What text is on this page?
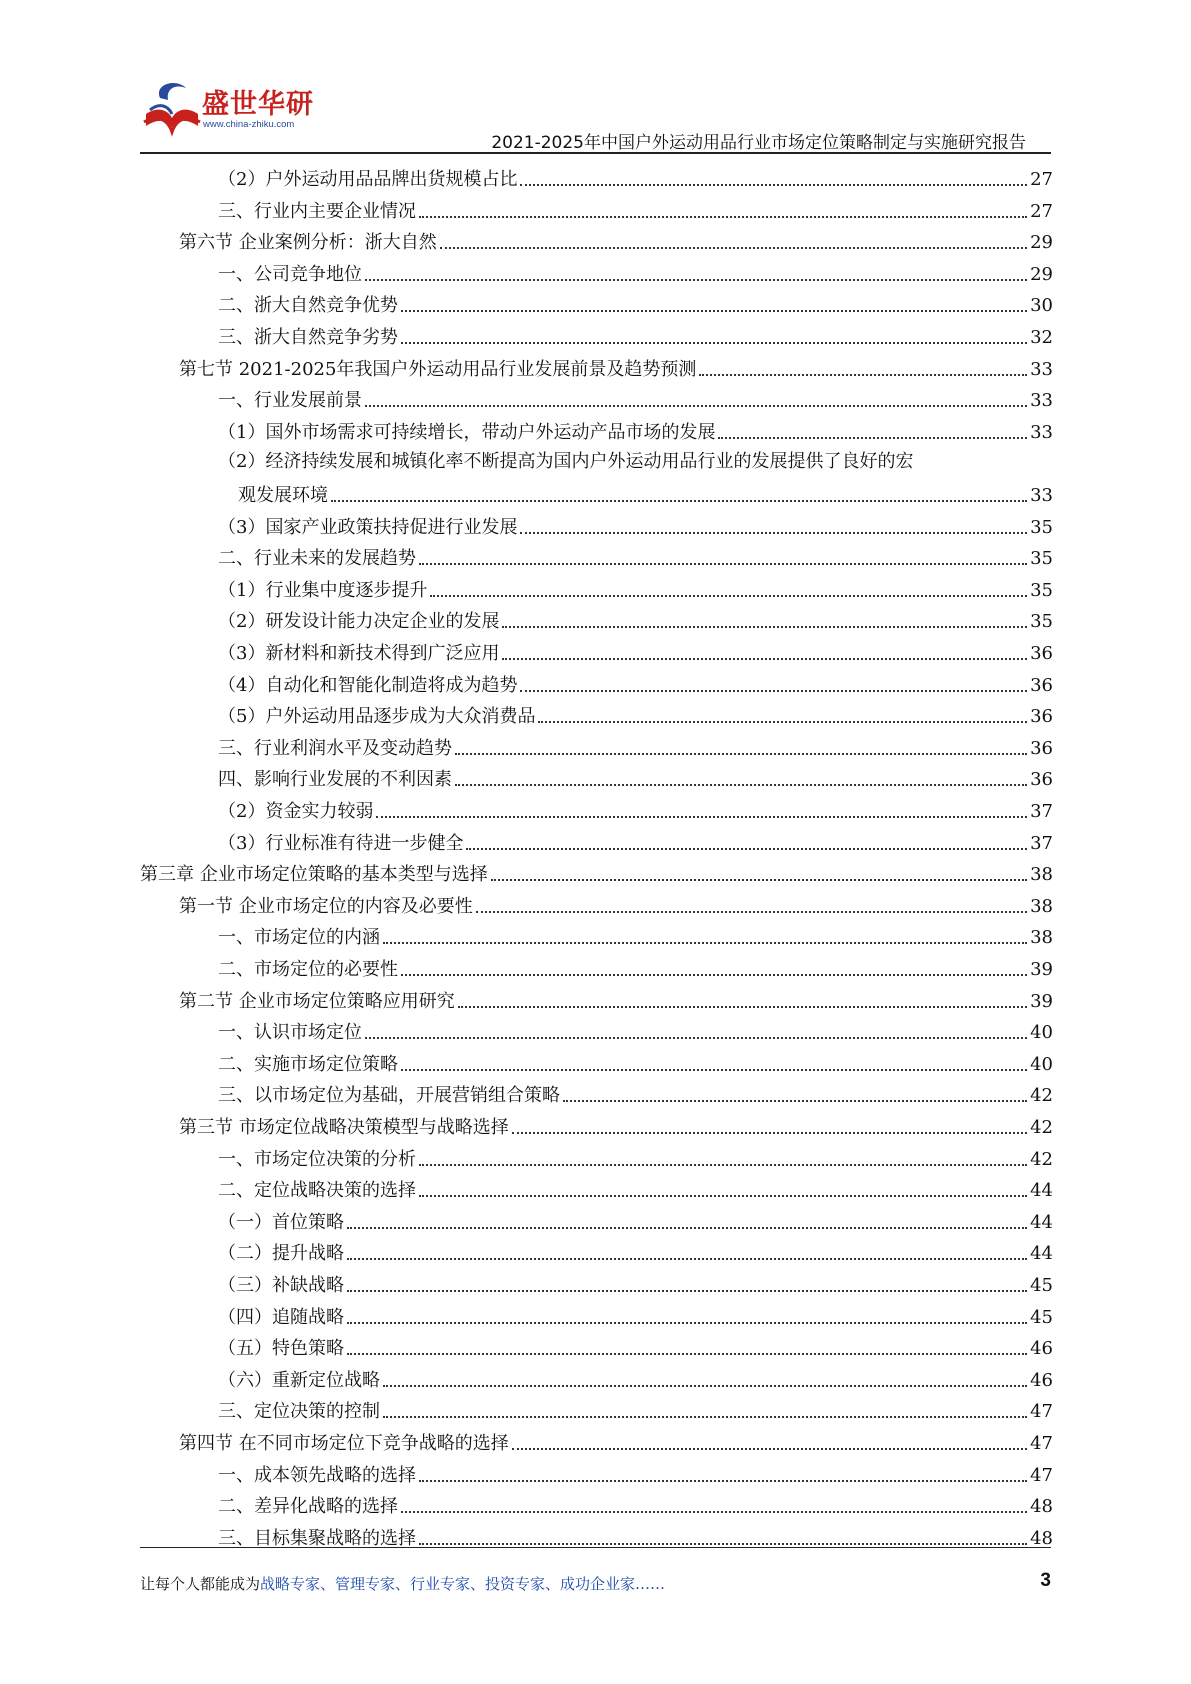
盛世华研
www.china-zhiku.com
2021-2025年中国户外运动用品行业市场定位策略制定与实施研究报告
（2）户外运动用品品牌出货规模占比	27
三、行业内主要企业情况	27
第六节 企业案例分析：浙大自然	29
一、公司竞争地位	29
二、浙大自然竞争优势	30
三、浙大自然竞争劣势	32
第七节 2021-2025年我国户外运动用品行业发展前景及趋势预测	33
一、行业发展前景	33
（1）国外市场需求可持续增长，带动户外运动产品市场的发展	33
（2）经济持续发展和城镇化率不断提高为国内户外运动用品行业的发展提供了良好的宏
观发展环境	33
（3）国家产业政策扶持促进行业发展	35
二、行业未来的发展趋势	35
（1）行业集中度逐步提升	35
（2）研发设计能力决定企业的发展	35
（3）新材料和新技术得到广泛应用	36
（4）自动化和智能化制造将成为趋势	36
（5）户外运动用品逐步成为大众消费品	36
三、行业利润水平及变动趋势	36
四、影响行业发展的不利因素	36
（2）资金实力较弱	37
（3）行业标准有待进一步健全	37
第三章 企业市场定位策略的基本类型与选择	38
第一节 企业市场定位的内容及必要性	38
一、市场定位的内涵	38
二、市场定位的必要性	39
第二节 企业市场定位策略应用研究	39
一、认识市场定位	40
二、实施市场定位策略	40
三、以市场定位为基础，开展营销组合策略	42
第三节 市场定位战略决策模型与战略选择	42
一、市场定位决策的分析	42
二、定位战略决策的选择	44
（一）首位策略	44
（二）提升战略	44
（三）补缺战略	45
（四）追随战略	45
（五）特色策略	46
（六）重新定位战略	46
三、定位决策的控制	47
第四节 在不同市场定位下竞争战略的选择	47
一、成本领先战略的选择	47
二、差异化战略的选择	48
三、目标集聚战略的选择	48
让每个人都能成为战略专家、管理专家、行业专家、投资专家、成功企业家……	3
